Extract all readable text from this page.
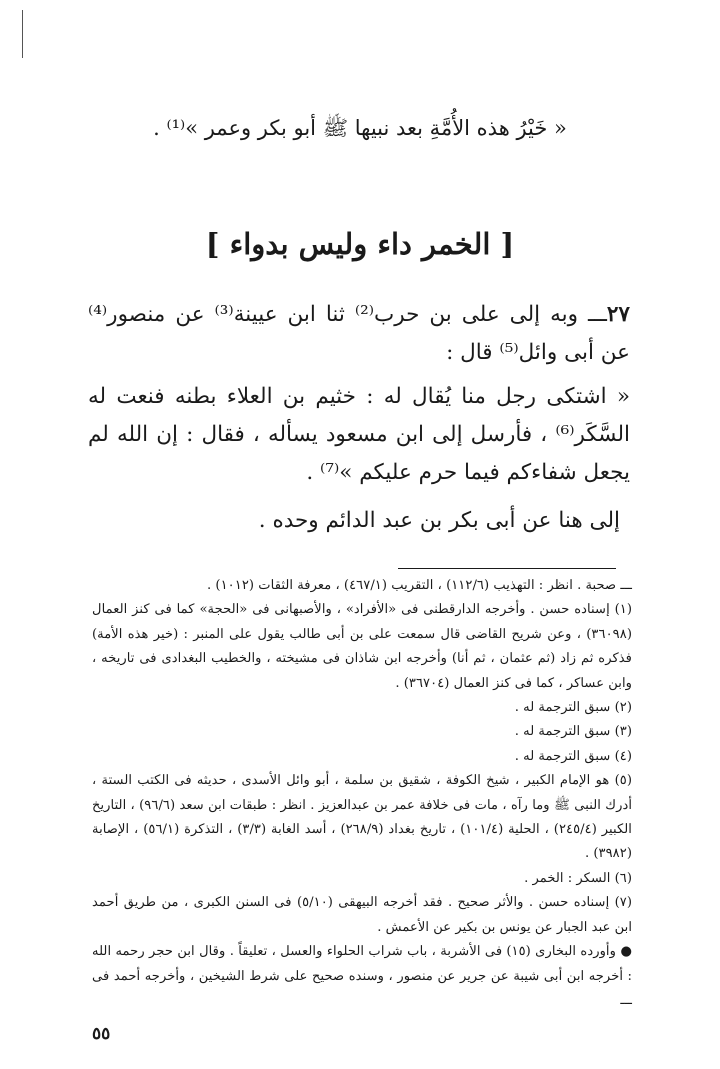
« خَيْرُ هذه الأُمَّةِ بعد نبيها ﷺ أبو بكر وعمر »⁽¹⁾ .
[ الخمر داء وليس بدواء ]

٢٧ـــ وبه إلى على بن حرب⁽²⁾ ثنا ابن عيينة⁽³⁾ عن منصور⁽⁴⁾ عن أبى وائل⁽⁵⁾ قال :

« اشتكى رجل منا يُقال له : خثيم بن العلاء بطنه فنعت له السَّكَر⁽⁶⁾ ، فأرسل إلى ابن مسعود يسأله ، فقال : إن الله لم يجعل شفاءكم فيما حرم عليكم »⁽⁷⁾ .

إلى هنا عن أبى بكر بن عبد الدائم وحده .

ـــ صحبة . انظر : التهذيب (١١٢/٦) ، التقريب (٤٦٧/١) ، معرفة الثقات (١٠١٢) .

(١) إسناده حسن . وأخرجه الدارقطنى فى «الأفراد» ، والأصبهانى فى «الحجة» كما فى كنز العمال (٣٦٠٩٨) ، وعن شريح القاضى قال سمعت على بن أبى طالب يقول على المنبر : (خير هذه الأمة) فذكره ثم زاد (ثم عثمان ، ثم أنا) وأخرجه ابن شاذان فى مشيخته ، والخطيب البغدادى فى تاريخه ، وابن عساكر ، كما فى كنز العمال (٣٦٧٠٤) .

(٢) سبق الترجمة له .

(٣) سبق الترجمة له .

(٤) سبق الترجمة له .

(٥) هو الإمام الكبير ، شيخ الكوفة ، شقيق بن سلمة ، أبو وائل الأسدى ، حديثه فى الكتب الستة ، أدرك النبى ﷺ وما رآه ، مات فى خلافة عمر بن عبدالعزيز . انظر : طبقات ابن سعد (٩٦/٦) ، التاريخ الكبير (٢٤٥/٤) ، الحلية (١٠١/٤) ، تاريخ بغداد (٢٦٨/٩) ، أسد الغابة (٣/٣) ، التذكرة (٥٦/١) ، الإصابة (٣٩٨٢) .

(٦) السكر : الخمر .

(٧) إسناده حسن . والأثر صحيح . فقد أخرجه البيهقى (٥/١٠) فى السنن الكبرى ، من طريق أحمد ابن عبد الجبار عن يونس بن بكير عن الأعمش .

● وأورده البخارى (١٥) فى الأشربة ، باب شراب الحلواء والعسل ، تعليقاً . وقال ابن حجر رحمه الله : أخرجه ابن أبى شيبة عن جرير عن منصور ، وسنده صحيح على شرط الشيخين ، وأخرجه أحمد فى ـــ

٥٥
